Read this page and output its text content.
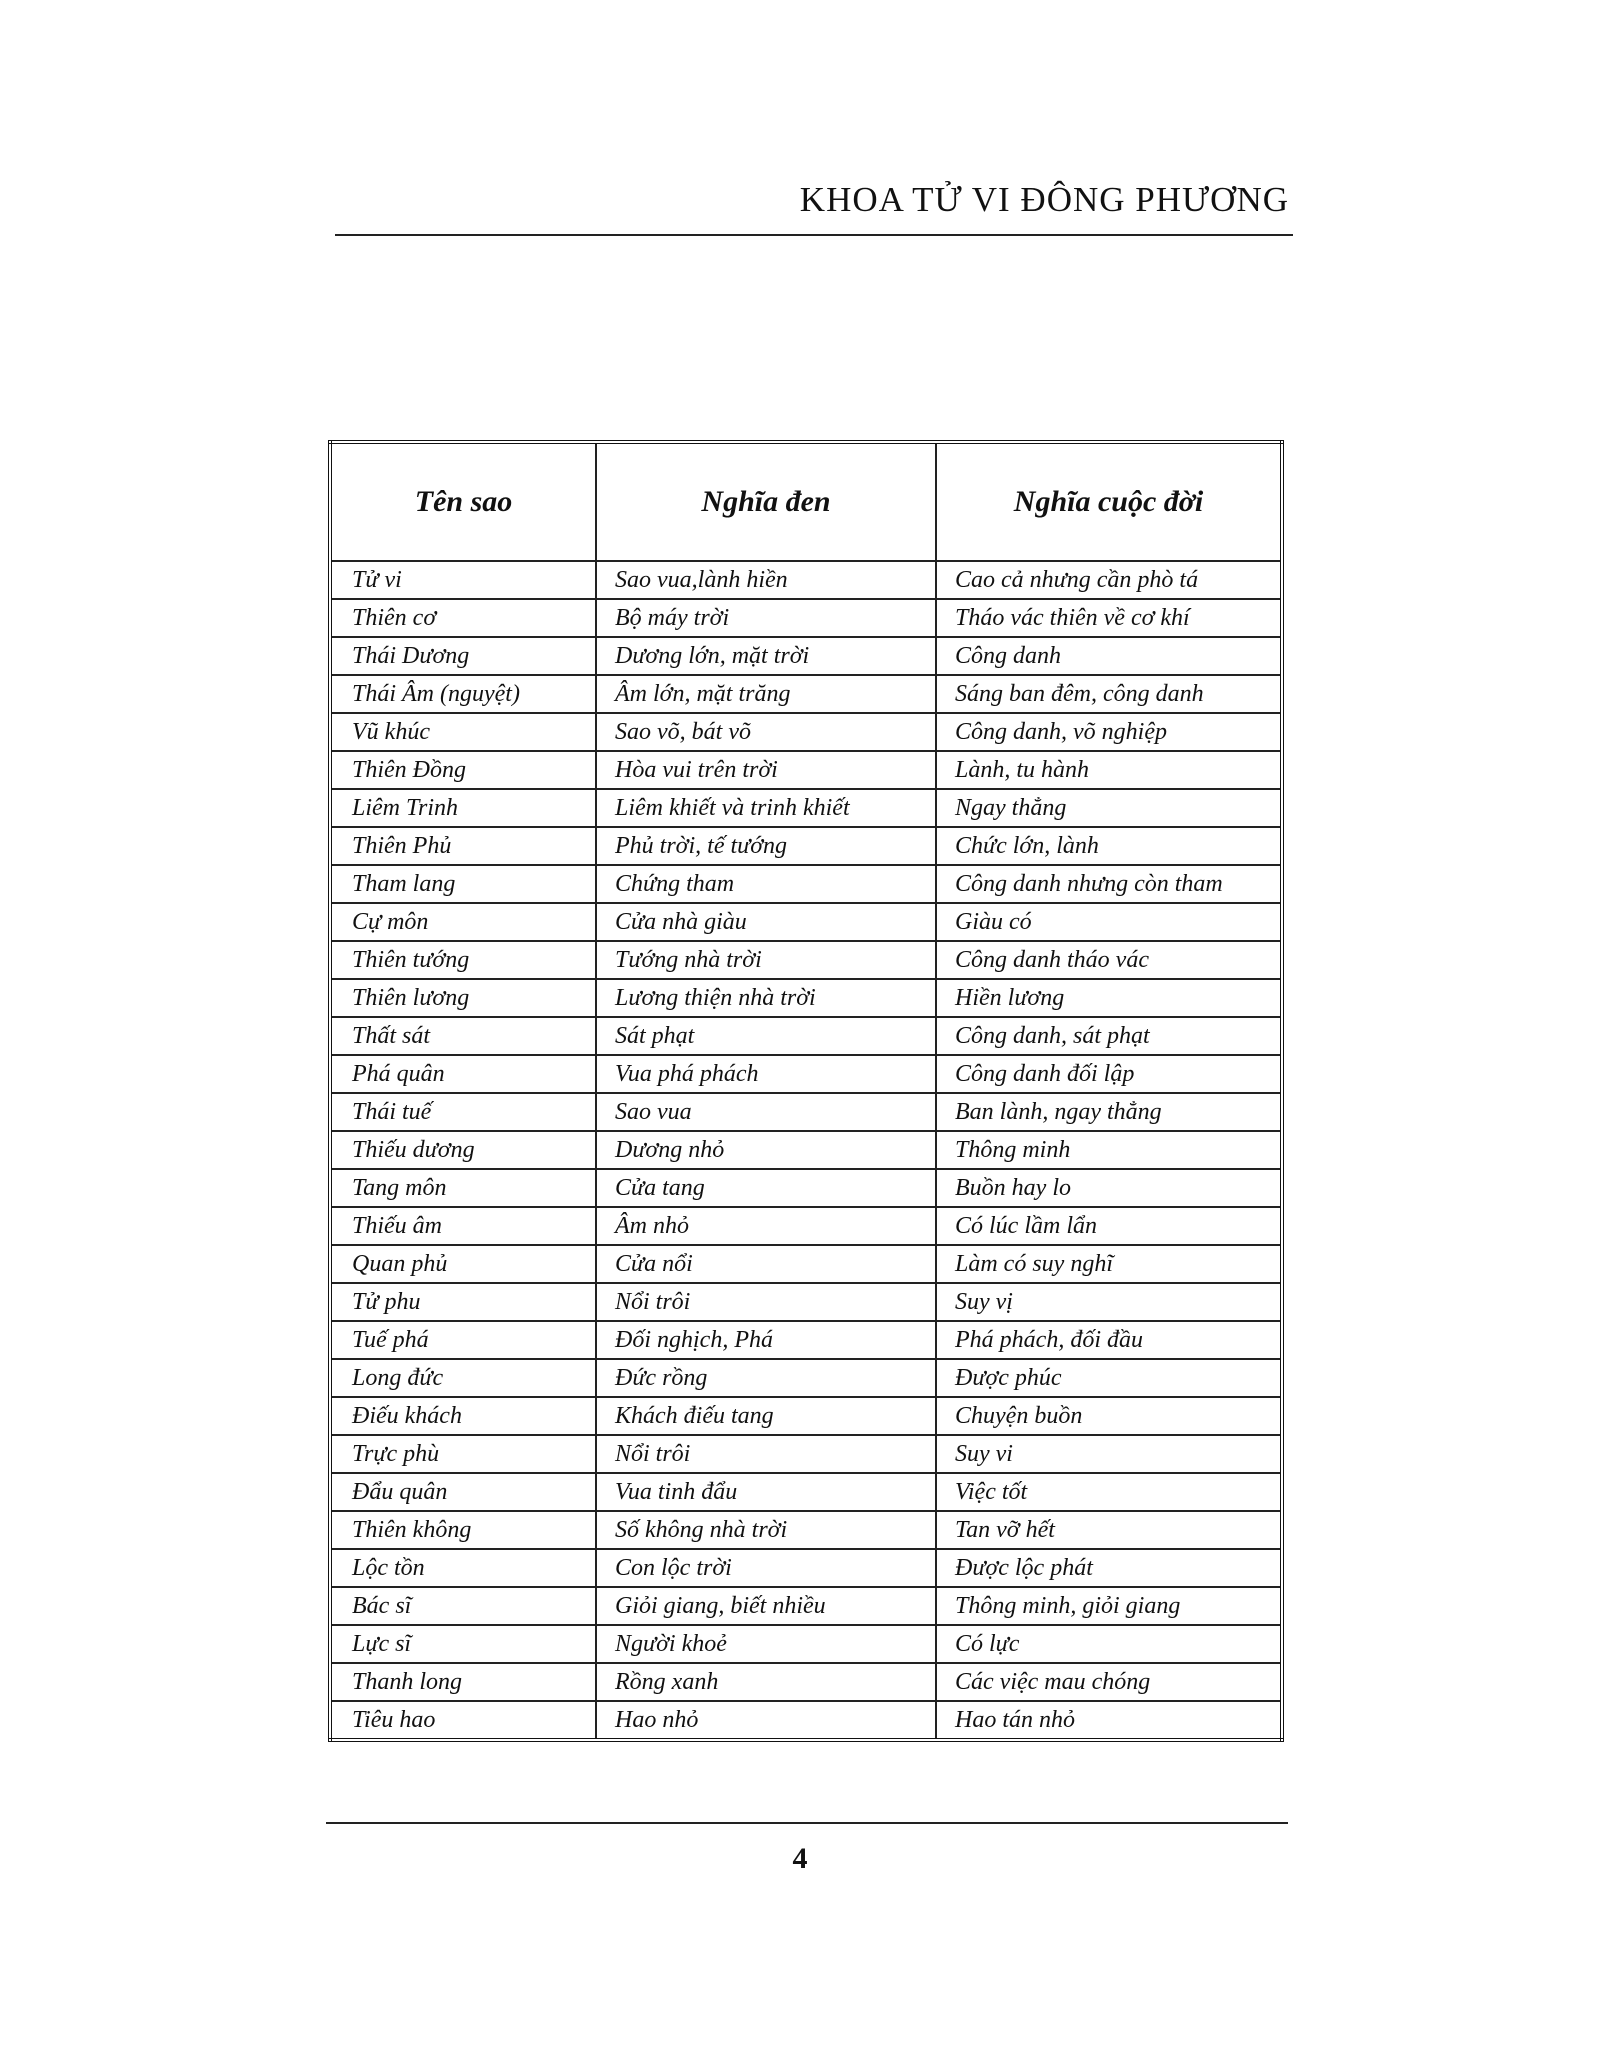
KHOA TỬ VI ĐÔNG PHƯƠNG
Tên sao	Nghĩa đen	Nghĩa cuộc đời
Tử vi	Sao vua,lành hiền	Cao cả nhưng cần phò tá
Thiên cơ	Bộ máy trời	Tháo vác thiên về cơ khí
Thái Dương	Dương lớn, mặt trời	Công danh
Thái Âm (nguyệt)	Âm lớn, mặt trăng	Sáng ban đêm, công danh
Vũ khúc	Sao võ, bát võ	Công danh, võ nghiệp
Thiên Đồng	Hòa vui trên trời	Lành, tu hành
Liêm Trinh	Liêm khiết và trinh khiết	Ngay thẳng
Thiên Phủ	Phủ trời, tế tướng	Chức lớn, lành
Tham lang	Chứng tham	Công danh nhưng còn tham
Cự môn	Cửa nhà giàu	Giàu có
Thiên tướng	Tướng nhà trời	Công danh tháo vác
Thiên lương	Lương thiện nhà trời	Hiền lương
Thất sát	Sát phạt	Công danh, sát phạt
Phá quân	Vua phá phách	Công danh đối lập
Thái tuế	Sao vua	Ban lành, ngay thẳng
Thiếu dương	Dương nhỏ	Thông minh
Tang môn	Cửa tang	Buồn hay lo
Thiếu âm	Âm nhỏ	Có lúc lầm lẩn
Quan phủ	Cửa nổi	Làm có suy nghĩ
Tử phu	Nổi trôi	Suy vị
Tuế phá	Đối nghịch, Phá	Phá phách, đối đầu
Long đức	Đức rồng	Được phúc
Điếu khách	Khách điếu tang	Chuyện buồn
Trực phù	Nổi trôi	Suy vi
Đẩu quân	Vua tinh đẩu	Việc tốt
Thiên không	Số không nhà trời	Tan vỡ hết
Lộc tồn	Con lộc trời	Được lộc phát
Bác sĩ	Giỏi giang, biết nhiều	Thông minh, giỏi giang
Lực sĩ	Người khoẻ	Có lực
Thanh long	Rồng xanh	Các việc mau chóng
Tiêu hao	Hao nhỏ	Hao tán nhỏ
4
